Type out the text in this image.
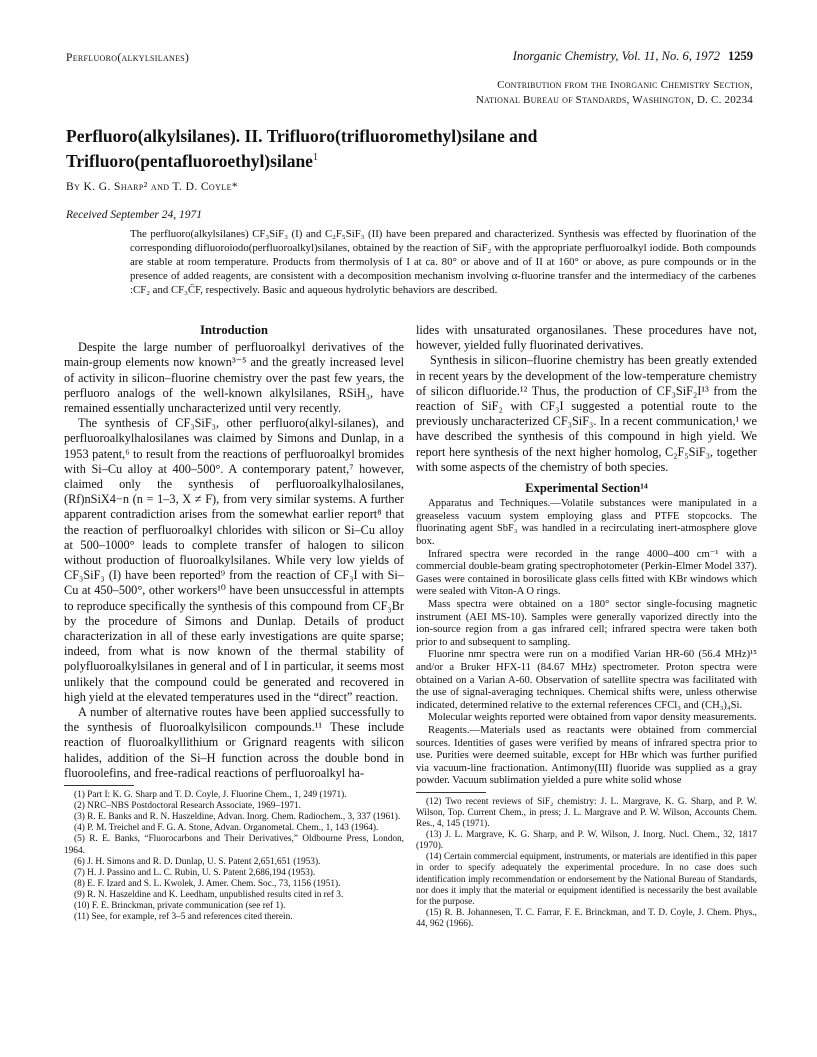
Perfluoro(alkylsilanes)	Inorganic Chemistry, Vol. 11, No. 6, 1972 1259
Contribution from the Inorganic Chemistry Section,
National Bureau of Standards, Washington, D. C. 20234
Perfluoro(alkylsilanes). II. Trifluoro(trifluoromethyl)silane and
Trifluoro(pentafluoroethyl)silane$^1$
By K. G. Sharp² and T. D. Coyle*
Received September 24, 1971
The perfluoro(alkylsilanes) CF₃SiF₃ (I) and C₂F₅SiF₃ (II) have been prepared and characterized. Synthesis was effected by fluorination of the corresponding difluoroiodo(perfluoroalkyl)silanes, obtained by the reaction of SiF₂ with the appropriate perfluoroalkyl iodide. Both compounds are stable at room temperature. Products from thermolysis of I at ca. 80° or above and of II at 160° or above, as pure compounds or in the presence of added reagents, are consistent with a decomposition mechanism involving α-fluorine transfer and the intermediacy of the carbenes :CF₂ and CF₃C̈F, respectively. Basic and aqueous hydrolytic behaviors are described.
Introduction

Despite the large number of perfluoroalkyl derivatives of the main-group elements now known³⁻⁵ and the greatly increased level of activity in silicon–fluorine chemistry over the past few years, the perfluoro analogs of the well-known alkylsilanes, RSiH₃, have remained essentially uncharacterized until very recently.

The synthesis of CF₃SiF₃, other perfluoro(alkyl-silanes), and perfluoroalkylhalosilanes was claimed by Simons and Dunlap, in a 1953 patent,⁶ to result from the reactions of perfluoroalkyl bromides with Si–Cu alloy at 400–500°. A contemporary patent,⁷ however, claimed only the synthesis of perfluoroalkylhalosilanes, (Rf)nSiX4−n (n = 1–3, X ≠ F), from very similar systems. A further apparent contradiction arises from the somewhat earlier report⁸ that the reaction of perfluoroalkyl chlorides with silicon or Si–Cu alloy at 500–1000° leads to complete transfer of halogen to silicon without production of fluoroalkylsilanes. While very low yields of CF₃SiF₃ (I) have been reported⁹ from the reaction of CF₃I with Si–Cu at 450–500°, other workers¹⁰ have been unsuccessful in attempts to reproduce specifically the synthesis of this compound from CF₃Br by the procedure of Simons and Dunlap. Details of product characterization in all of these early investigations are quite sparse; indeed, from what is now known of the thermal stability of polyfluoroalkylsilanes in general and of I in particular, it seems most unlikely that the compound could be generated and recovered in high yield at the elevated temperatures used in the “direct” reaction.

A number of alternative routes have been applied successfully to the synthesis of fluoroalkylsilicon compounds.¹¹ These include reaction of fluoroalkyllithium or Grignard reagents with silicon halides, addition of the Si–H function across the double bond in fluoroolefins, and free-radical reactions of perfluoroalkyl ha-

(1) Part I: K. G. Sharp and T. D. Coyle, J. Fluorine Chem., 1, 249 (1971).
(2) NRC–NBS Postdoctoral Research Associate, 1969–1971.
(3) R. E. Banks and R. N. Haszeldine, Advan. Inorg. Chem. Radiochem., 3, 337 (1961).
(4) P. M. Treichel and F. G. A. Stone, Advan. Organometal. Chem., 1, 143 (1964).
(5) R. E. Banks, “Fluorocarbons and Their Derivatives,” Oldbourne Press, London, 1964.
(6) J. H. Simons and R. D. Dunlap, U. S. Patent 2,651,651 (1953).
(7) H. J. Passino and L. C. Rubin, U. S. Patent 2,686,194 (1953).
(8) E. F. Izard and S. L. Kwolek, J. Amer. Chem. Soc., 73, 1156 (1951).
(9) R. N. Haszeldine and K. Leedham, unpublished results cited in ref 3.
(10) F. E. Brinckman, private communication (see ref 1).
(11) See, for example, ref 3–5 and references cited therein.

lides with unsaturated organosilanes. These procedures have not, however, yielded fully fluorinated derivatives.

Synthesis in silicon–fluorine chemistry has been greatly extended in recent years by the development of the low-temperature chemistry of silicon difluoride.¹² Thus, the production of CF₃SiF₂I¹³ from the reaction of SiF₂ with CF₃I suggested a potential route to the previously uncharacterized CF₃SiF₃. In a recent communication,¹ we have described the synthesis of this compound in high yield. We report here synthesis of the next higher homolog, C₂F₅SiF₃, together with some aspects of the chemistry of both species.

Experimental Section¹⁴

Apparatus and Techniques.—Volatile substances were manipulated in a greaseless vacuum system employing glass and PTFE stopcocks. The fluorinating agent SbF₃ was handled in a recirculating inert-atmosphere glove box.

Infrared spectra were recorded in the range 4000–400 cm⁻¹ with a commercial double-beam grating spectrophotometer (Perkin-Elmer Model 337). Gases were contained in borosilicate glass cells fitted with KBr windows which were sealed with Viton-A O rings.

Mass spectra were obtained on a 180° sector single-focusing magnetic instrument (AEI MS-10). Samples were generally vaporized directly into the ion-source region from a gas infrared cell; infrared spectra were taken both prior to and subsequent to sampling.

Fluorine nmr spectra were run on a modified Varian HR-60 (56.4 MHz)¹⁵ and/or a Bruker HFX-11 (84.67 MHz) spectrometer. Proton spectra were obtained on a Varian A-60. Observation of satellite spectra was facilitated with the use of signal-averaging techniques. Chemical shifts were, unless otherwise indicated, determined relative to the external references CFCl₃ and (CH₃)₄Si.

Molecular weights reported were obtained from vapor density measurements.

Reagents.—Materials used as reactants were obtained from commercial sources. Identities of gases were verified by means of infrared spectra prior to use. Purities were deemed suitable, except for HBr which was further purified via vacuum-line fractionation. Antimony(III) fluoride was supplied as a gray powder. Vacuum sublimation yielded a pure white solid whose

(12) Two recent reviews of SiF₂ chemistry: J. L. Margrave, K. G. Sharp, and P. W. Wilson, Top. Current Chem., in press; J. L. Margrave and P. W. Wilson, Accounts Chem. Res., 4, 145 (1971).
(13) J. L. Margrave, K. G. Sharp, and P. W. Wilson, J. Inorg. Nucl. Chem., 32, 1817 (1970).
(14) Certain commercial equipment, instruments, or materials are identified in this paper in order to specify adequately the experimental procedure. In no case does such identification imply recommendation or endorsement by the National Bureau of Standards, nor does it imply that the material or equipment identified is necessarily the best available for the purpose.
(15) R. B. Johannesen, T. C. Farrar, F. E. Brinckman, and T. D. Coyle, J. Chem. Phys., 44, 962 (1966).
